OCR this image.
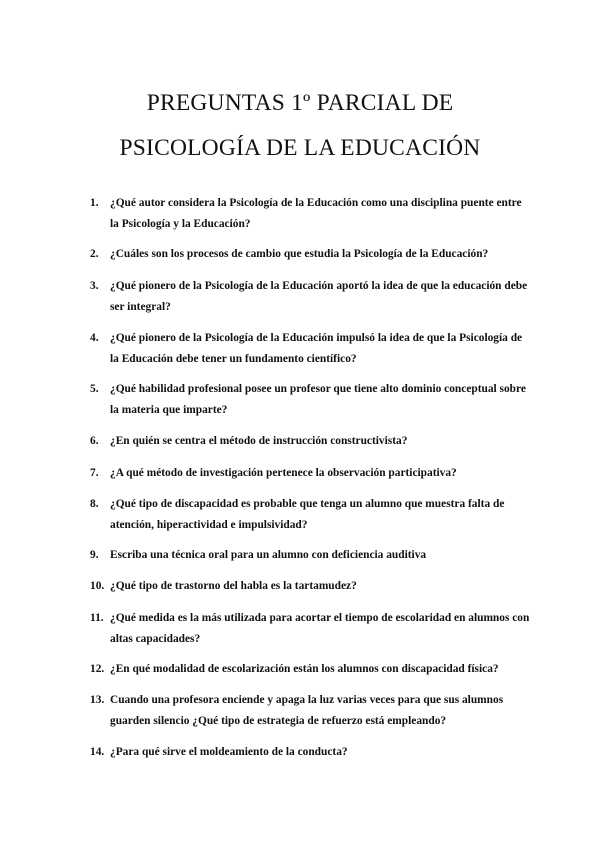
PREGUNTAS 1º PARCIAL DE
PSICOLOGÍA DE LA EDUCACIÓN
1.	¿Qué autor considera la Psicología de la Educación como una disciplina puente entre la Psicología y la Educación?
2.	¿Cuáles son los procesos de cambio que estudia la Psicología de la Educación?
3.	¿Qué pionero de la Psicología de la Educación aportó la idea de que la educación debe ser integral?
4.	¿Qué pionero de la Psicología de la Educación impulsó la idea de que la Psicología de la Educación debe tener un fundamento científico?
5.	¿Qué habilidad profesional posee un profesor que tiene alto dominio conceptual sobre la materia que imparte?
6.	¿En quién se centra el método de instrucción constructivista?
7.	¿A qué método de investigación pertenece la observación participativa?
8.	¿Qué tipo de discapacidad es probable que tenga un alumno que muestra falta de atención, hiperactividad e impulsividad?
9.	Escriba una técnica oral para un alumno con deficiencia auditiva
10. ¿Qué tipo de trastorno del habla es la tartamudez?
11. ¿Qué medida es la más utilizada para acortar el tiempo de escolaridad en alumnos con altas capacidades?
12. ¿En qué modalidad de escolarización están los alumnos con discapacidad física?
13. Cuando una profesora enciende y apaga la luz varias veces para que sus alumnos guarden silencio ¿Qué tipo de estrategia de refuerzo está empleando?
14. ¿Para qué sirve el moldeamiento de la conducta?
